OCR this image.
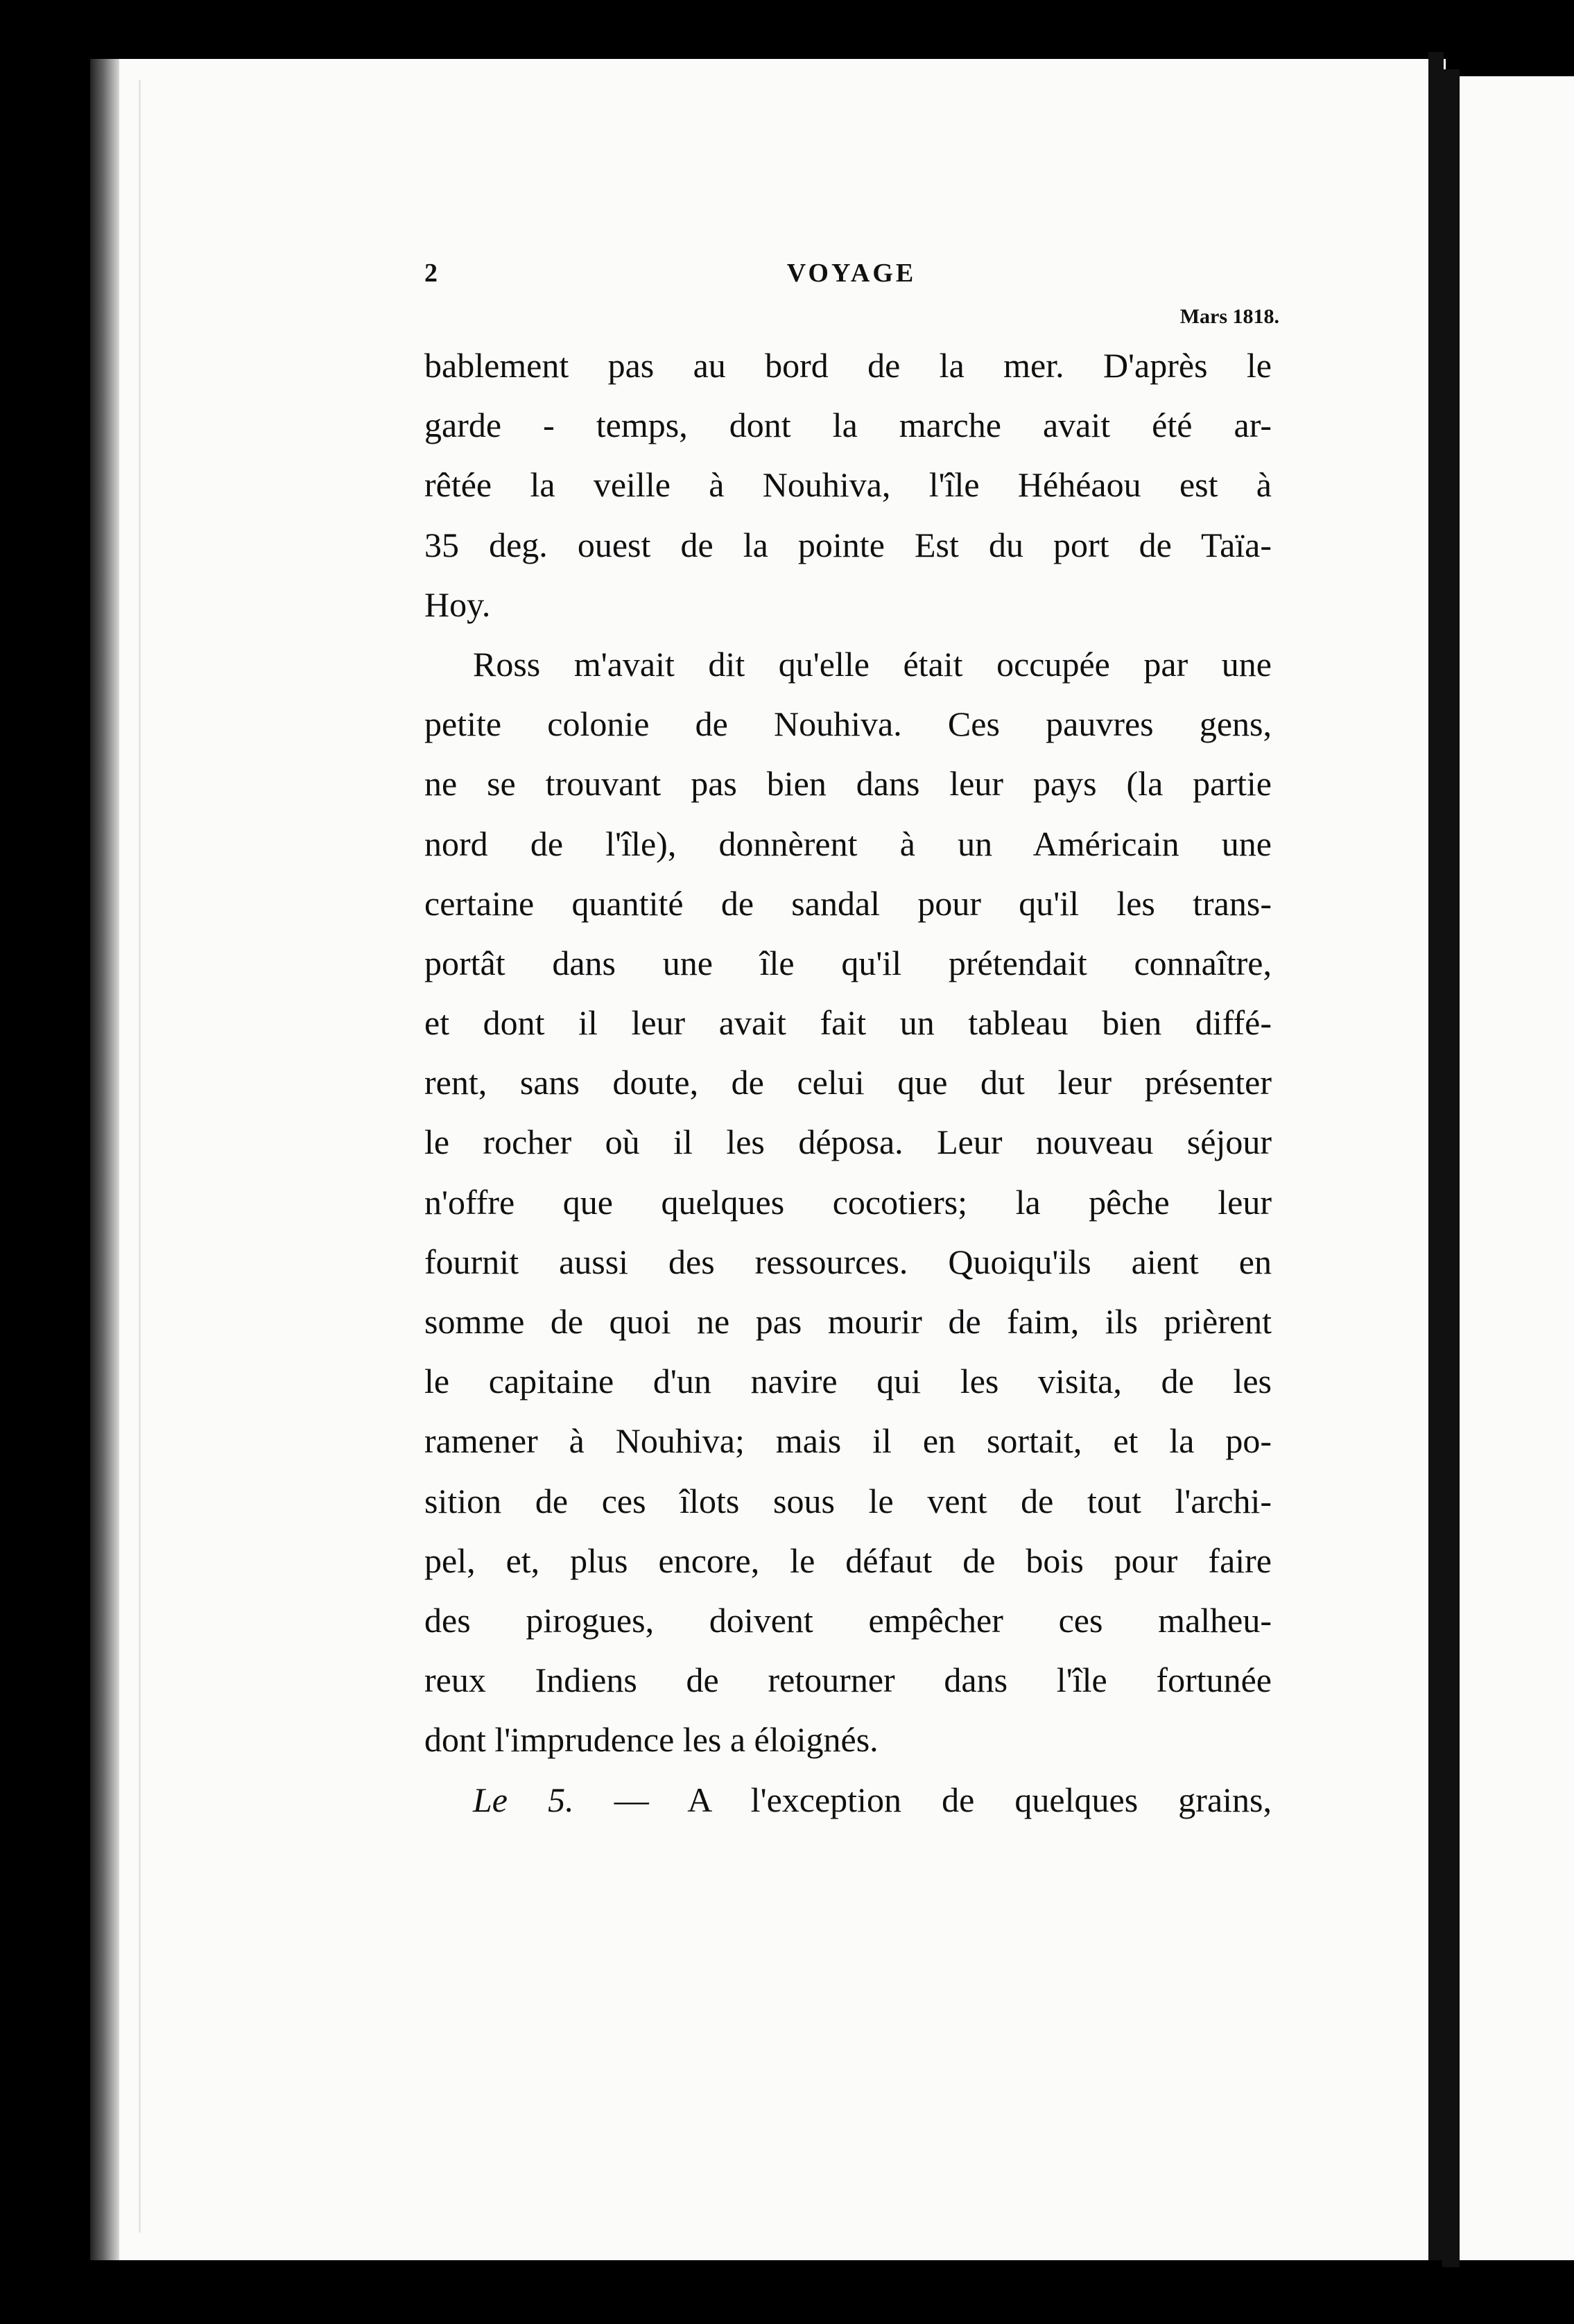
2	VOYAGE
Mars 1818.
bablement pas au bord de la mer. D'après le
garde - temps, dont la marche avait été ar-
rêtée la veille à Nouhiva, l'île Héhéaou est à
35 deg. ouest de la pointe Est du port de Taïa-
Hoy.
Ross m'avait dit qu'elle était occupée par une
petite colonie de Nouhiva. Ces pauvres gens,
ne se trouvant pas bien dans leur pays (la partie
nord de l'île), donnèrent à un Américain une
certaine quantité de sandal pour qu'il les trans-
portât dans une île qu'il prétendait connaître,
et dont il leur avait fait un tableau bien diffé-
rent, sans doute, de celui que dut leur présenter
le rocher où il les déposa. Leur nouveau séjour
n'offre que quelques cocotiers; la pêche leur
fournit aussi des ressources. Quoiqu'ils aient en
somme de quoi ne pas mourir de faim, ils prièrent
le capitaine d'un navire qui les visita, de les
ramener à Nouhiva; mais il en sortait, et la po-
sition de ces îlots sous le vent de tout l'archi-
pel, et, plus encore, le défaut de bois pour faire
des pirogues, doivent empêcher ces malheu-
reux Indiens de retourner dans l'île fortunée
dont l'imprudence les a éloignés.
Le 5. — A l'exception de quelques grains,
